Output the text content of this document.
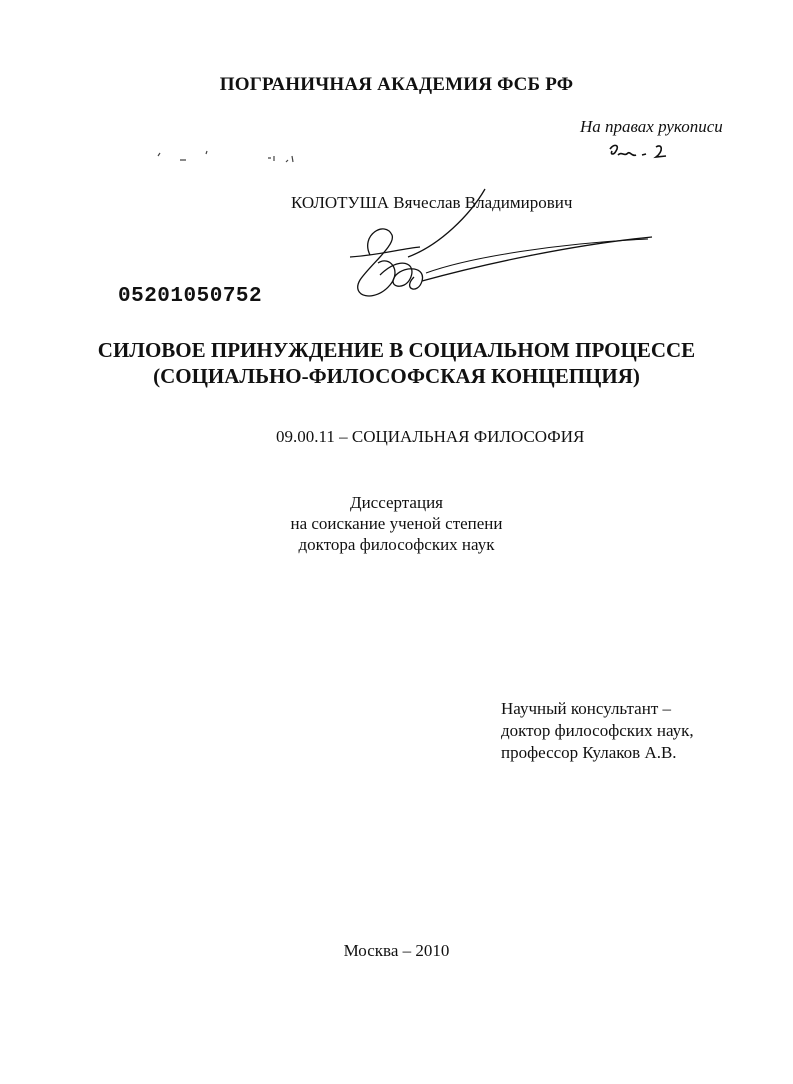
ПОГРАНИЧНАЯ АКАДЕМИЯ ФСБ РФ
На правах рукописи
КОЛОТУША Вячеслав Владимирович
05201050752
СИЛОВОЕ ПРИНУЖДЕНИЕ В СОЦИАЛЬНОМ ПРОЦЕССЕ
(СОЦИАЛЬНО-ФИЛОСОФСКАЯ КОНЦЕПЦИЯ)
09.00.11 – СОЦИАЛЬНАЯ ФИЛОСОФИЯ
Диссертация
на соискание ученой степени
доктора философских наук
Научный консультант –
доктор философских наук,
профессор Кулаков А.В.
Москва – 2010
